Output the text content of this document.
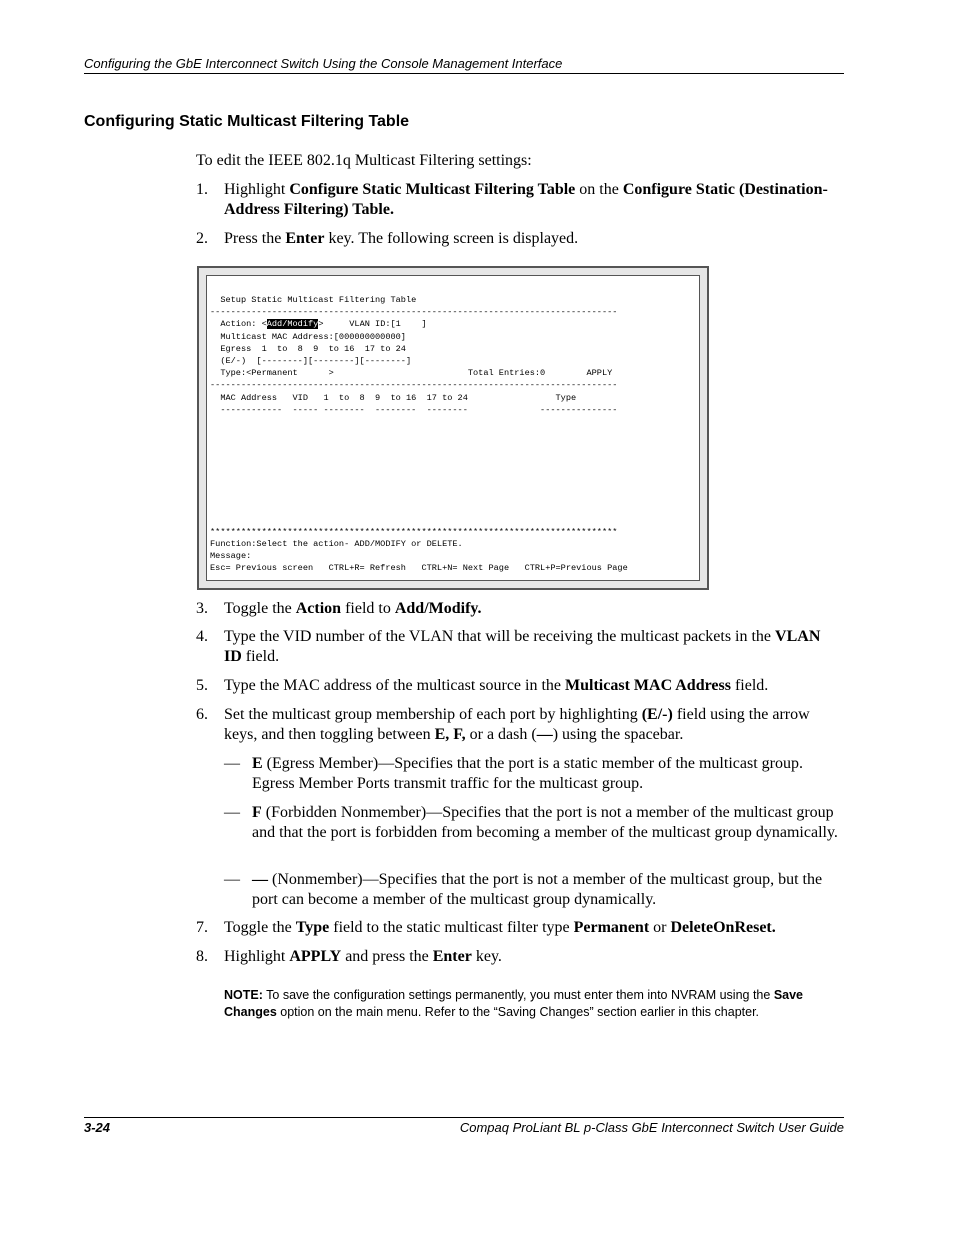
Configuring the GbE Interconnect Switch Using the Console Management Interface
Configuring Static Multicast Filtering Table
To edit the IEEE 802.1q Multicast Filtering settings:
1.	Highlight Configure Static Multicast Filtering Table on the Configure Static (Destination-Address Filtering) Table.
2.	Press the Enter key. The following screen is displayed.
Setup Static Multicast Filtering Table
-------------------------------------------------------------------------------
Action: <Add/Modify>     VLAN ID:[1    ]
Multicast MAC Address:[000000000000]
Egress  1  to  8  9  to 16  17 to 24
(E/-)  [--------][--------][--------]
Type:<Permanent      >                          Total Entries:0        APPLY
-------------------------------------------------------------------------------
MAC Address   VID   1  to  8  9  to 16  17 to 24                 Type
------------  ----- --------  --------  --------              ---------------

*******************************************************************************
Function:Select the action- ADD/MODIFY or DELETE.
Message:
Esc= Previous screen   CTRL+R= Refresh   CTRL+N= Next Page   CTRL+P=Previous Page
3.	Toggle the Action field to Add/Modify.
4.	Type the VID number of the VLAN that will be receiving the multicast packets in the VLAN ID field.
5.	Type the MAC address of the multicast source in the Multicast MAC Address field.
6.	Set the multicast group membership of each port by highlighting (E/-) field using the arrow keys, and then toggling between E, F, or a dash (—) using the spacebar.
— E (Egress Member)—Specifies that the port is a static member of the multicast group. Egress Member Ports transmit traffic for the multicast group.
— F (Forbidden Nonmember)—Specifies that the port is not a member of the multicast group and that the port is forbidden from becoming a member of the multicast group dynamically.
— — (Nonmember)—Specifies that the port is not a member of the multicast group, but the port can become a member of the multicast group dynamically.
7.	Toggle the Type field to the static multicast filter type Permanent or DeleteOnReset.
8.	Highlight APPLY and press the Enter key.
NOTE: To save the configuration settings permanently, you must enter them into NVRAM using the Save Changes option on the main menu. Refer to the “Saving Changes” section earlier in this chapter.
3-24	Compaq ProLiant BL p-Class GbE Interconnect Switch User Guide
